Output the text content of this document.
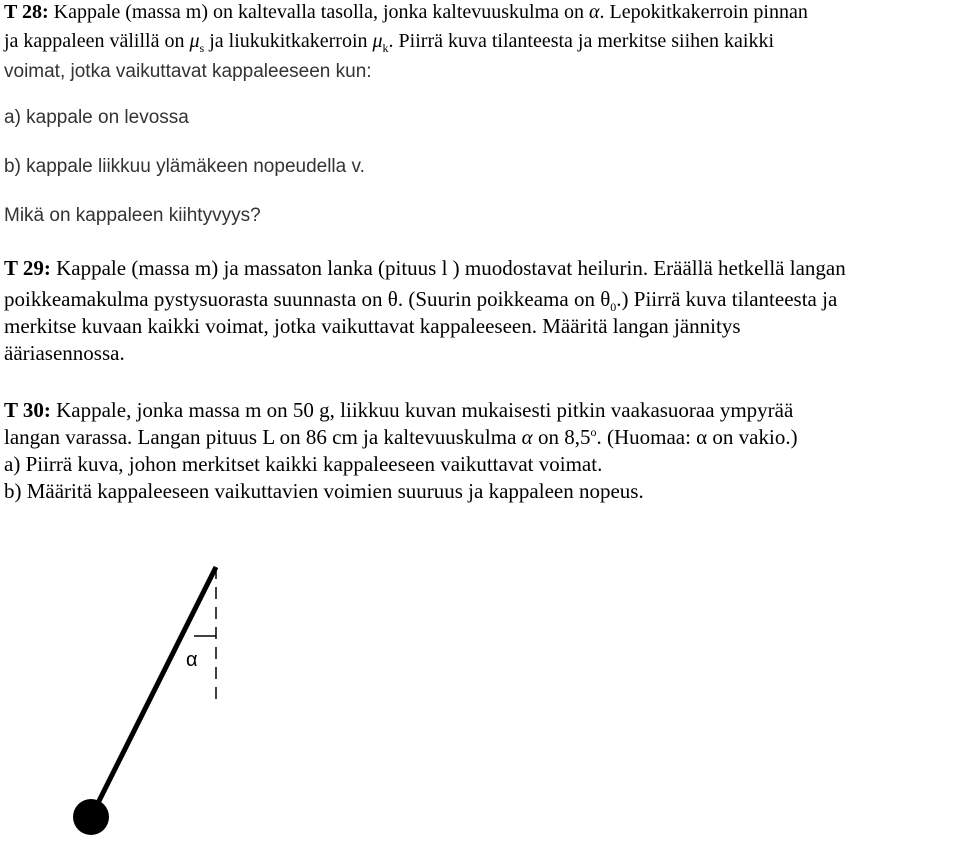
T 28: Kappale (massa m) on kaltevalla tasolla, jonka kaltevuuskulma on α. Lepokitkakerroin pinnan
ja kappaleen välillä on $\mu_s$ ja liukukitkakerroin $\mu_k$. Piirrä kuva tilanteesta ja merkitse siihen kaikki
voimat, jotka vaikuttavat kappaleeseen kun:
a) kappale on levossa
b) kappale liikkuu ylämäkeen nopeudella v.
Mikä on kappaleen kiihtyvyys?
T 29: Kappale (massa m) ja massaton lanka (pituus l ) muodostavat heilurin. Eräällä hetkellä langan
poikkeamakulma pystysuorasta suunnasta on θ. (Suurin poikkeama on $\theta_0$.) Piirrä kuva tilanteesta ja
merkitse kuvaan kaikki voimat, jotka vaikuttavat kappaleeseen. Määritä langan jännitys
ääriasennossa.
T 30: Kappale, jonka massa m on 50 g, liikkuu kuvan mukaisesti pitkin vaakasuoraa ympyrää
langan varassa. Langan pituus L on 86 cm ja kaltevuuskulma α on 8,5$^o$. (Huomaa: α on vakio.)
a) Piirrä kuva, johon merkitset kaikki kappaleeseen vaikuttavat voimat.
b) Määritä kappaleeseen vaikuttavien voimien suuruus ja kappaleen nopeus.
α
